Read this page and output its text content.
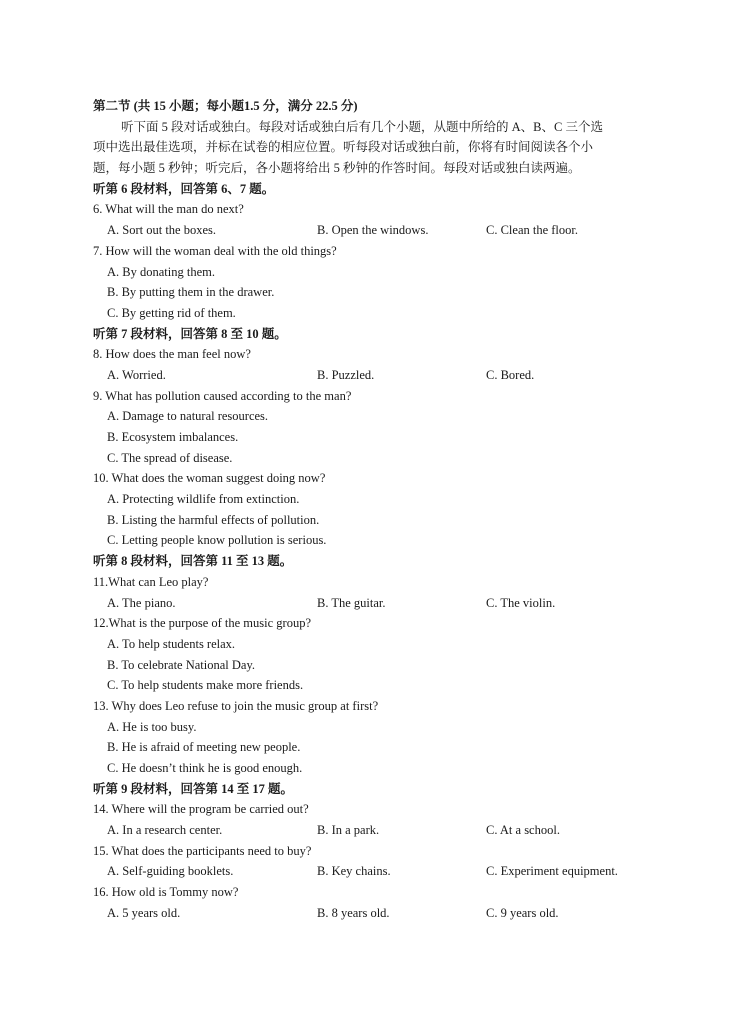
第二节 (共 15 小题；每小题1.5 分，满分 22.5 分)
听下面 5 段对话或独白。每段对话或独白后有几个小题，从题中所给的 A、B、C 三个选
项中选出最佳选项，并标在试卷的相应位置。听每段对话或独白前，你将有时间阅读各个小
题，每小题 5 秒钟；听完后，各小题将给出 5 秒钟的作答时间。每段对话或独白读两遍。
听第 6 段材料，回答第 6、7 题。
6. What will the man do next?
A. Sort out the boxes.	B. Open the windows.	C. Clean the floor.
7. How will the woman deal with the old things?
A. By donating them.
B. By putting them in the drawer.
C. By getting rid of them.
听第 7 段材料，回答第 8 至 10 题。
8. How does the man feel now?
A. Worried.	B. Puzzled.	C. Bored.
9. What has pollution caused according to the man?
A. Damage to natural resources.
B. Ecosystem imbalances.
C. The spread of disease.
10. What does the woman suggest doing now?
A. Protecting wildlife from extinction.
B. Listing the harmful effects of pollution.
C. Letting people know pollution is serious.
听第 8 段材料，回答第 11 至 13 题。
11.What can Leo play?
A. The piano.	B. The guitar.	C. The violin.
12.What is the purpose of the music group?
A. To help students relax.
B. To celebrate National Day.
C. To help students make more friends.
13. Why does Leo refuse to join the music group at first?
A. He is too busy.
B. He is afraid of meeting new people.
C. He doesn’t think he is good enough.
听第 9 段材料，回答第 14 至 17 题。
14. Where will the program be carried out?
A. In a research center.	B. In a park.	C. At a school.
15. What does the participants need to buy?
A. Self-guiding booklets.	B. Key chains.	C. Experiment equipment.
16. How old is Tommy now?
A. 5 years old.	B. 8 years old.	C. 9 years old.
